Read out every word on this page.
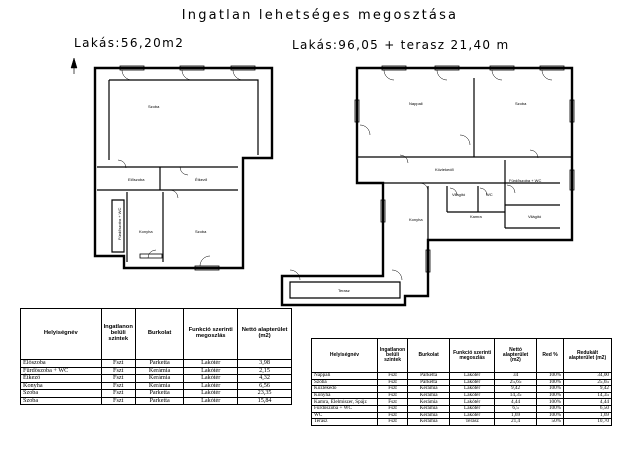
Ingatlan lehetséges megosztása
Lakás:56,20m2	Lakás:96,05 + terasz 21,40 m
Szoba
Előszoba	Étkező
Fürdőszoba + WC	Konyha	Szoba
Nappali	Szoba
Közlekedő
Fürdőszoba + WC
Konyha
Világító	WC
Kamra	Világító
Terasz
Helyiségnév	Ingatlanon belüli szintek	Burkolat	Funkció szerinti megoszlás	Nettó alapterület (m2)
Előszoba	Fszt	Parketta	Lakótér	3,98
Fürdőszoba + WC	Fszt	Kerámia	Lakótér	2,15
Étkező	Fszt	Kerámia	Lakótér	4,32
Konyha	Fszt	Kerámia	Lakótér	6,56
Szoba	Fszt	Parketta	Lakótér	23,35
Szoba	Fszt	Parketta	Lakótér	15,84
Helyiségnév	Ingatlanon belüli szintek	Burkolat	Funkció szerinti megoszlás	Nettó alapterület (m2)	Red %	Redukált alapterület (m2)
Nappali	Fszt	Parketta	Lakótér	34	100%	34,00
Szoba	Fszt	Parketta	Lakótér	25,65	100%	25,65
Közlekedő	Fszt	Kerámia	Lakótér	9,42	100%	9,42
Konyha	Fszt	Kerámia	Lakótér	14,35	100%	14,35
Kamra, Élelmiszer, Spájz	Fszt	Kerámia	Lakótér	4,44	100%	4,44
Fürdőszoba + WC	Fszt	Kerámia	Lakótér	6,5	100%	6,50
WC	Fszt	Kerámia	Lakótér	1,69	100%	1,69
Terasz	Fszt	Kerámia	Terasz	21,4	50%	10,70
